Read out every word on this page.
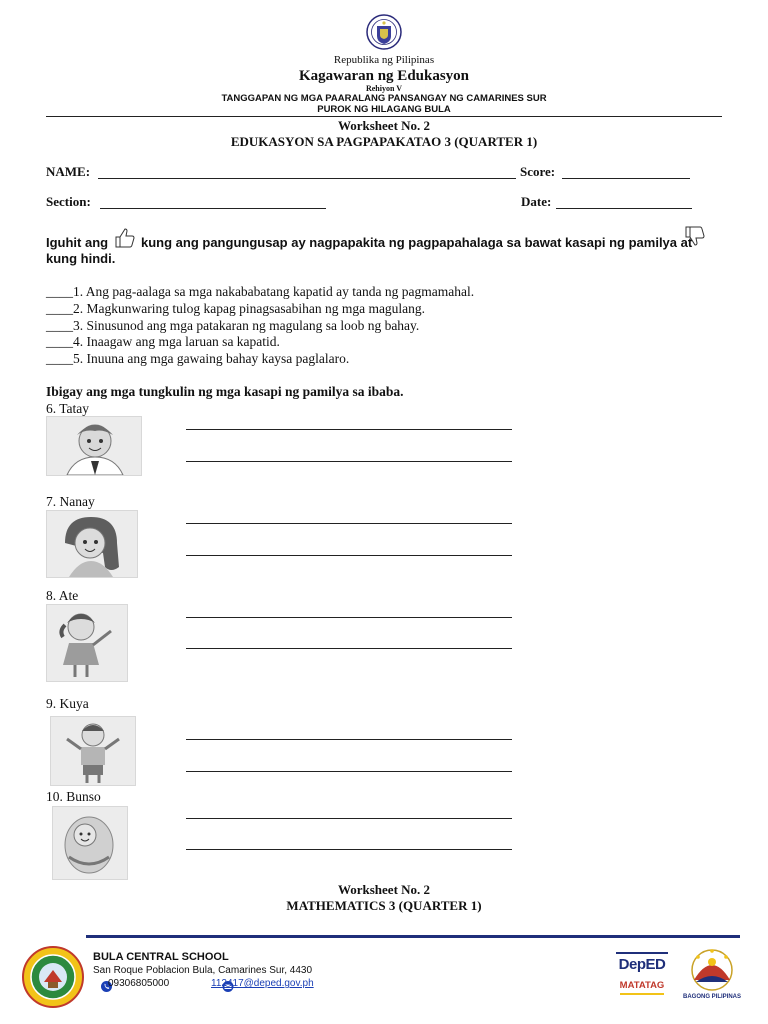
Republika ng Pilipinas
Kagawaran ng Edukasyon
Rehiyon V
TANGGAPAN NG MGA PAARALANG PANSANGAY NG CAMARINES SUR
PUROK NG HILAGANG BULA
Worksheet No. 2
EDUKASYON SA PAGPAPAKATAO 3 (QUARTER 1)
NAME:	Score:
Section:	Date:
Iguhit ang	kung ang pangungusap ay nagpapakita ng pagpapahalaga sa bawat kasapi ng pamilya at
kung hindi.
____1. Ang pag-aalaga sa mga nakababatang kapatid ay tanda ng pagmamahal.
____2. Magkunwaring tulog kapag pinagsasabihan ng mga magulang.
____3. Sinusunod ang mga patakaran ng magulang sa loob ng bahay.
____4. Inaagaw ang mga laruan sa kapatid.
____5. Inuuna ang mga gawaing bahay kaysa paglalaro.
Ibigay ang mga tungkulin ng mga kasapi ng pamilya sa ibaba.
6. Tatay
7. Nanay
8. Ate
9. Kuya
10. Bunso
Worksheet No. 2
MATHEMATICS 3 (QUARTER 1)
BULA CENTRAL SCHOOL
San Roque Poblacion Bula, Camarines Sur, 4430
09306805000	112417@deped.gov.ph
DepED
MATATAG
BAGONG PILIPINAS
